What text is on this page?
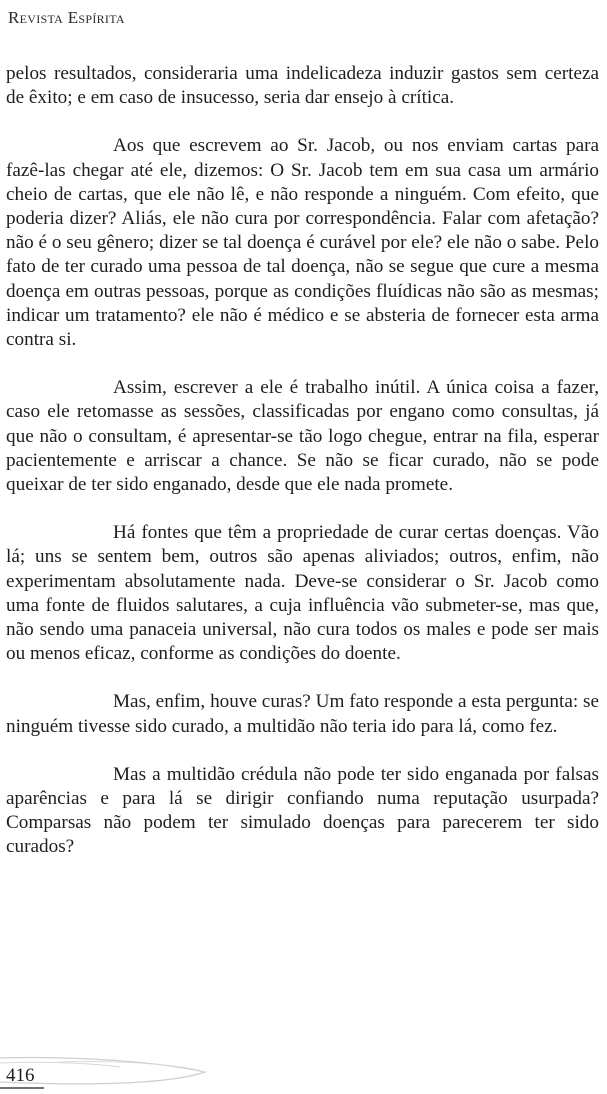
Revista Espírita

pelos resultados, consideraria uma indelicadeza induzir gastos sem certeza de êxito; e em caso de insucesso, seria dar ensejo à crítica.

Aos que escrevem ao Sr. Jacob, ou nos enviam cartas para fazê-las chegar até ele, dizemos: O Sr. Jacob tem em sua casa um armário cheio de cartas, que ele não lê, e não responde a ninguém. Com efeito, que poderia dizer? Aliás, ele não cura por correspondência. Falar com afetação? não é o seu gênero; dizer se tal doença é curável por ele? ele não o sabe. Pelo fato de ter curado uma pessoa de tal doença, não se segue que cure a mesma doença em outras pessoas, porque as condições fluídicas não são as mesmas; indicar um tratamento? ele não é médico e se absteria de fornecer esta arma contra si.

Assim, escrever a ele é trabalho inútil. A única coisa a fazer, caso ele retomasse as sessões, classificadas por engano como consultas, já que não o consultam, é apresentar-se tão logo chegue, entrar na fila, esperar pacientemente e arriscar a chance. Se não se ficar curado, não se pode queixar de ter sido enganado, desde que ele nada promete.

Há fontes que têm a propriedade de curar certas doenças. Vão lá; uns se sentem bem, outros são apenas aliviados; outros, enfim, não experimentam absolutamente nada. Deve-se considerar o Sr. Jacob como uma fonte de fluidos salutares, a cuja influência vão submeter-se, mas que, não sendo uma panaceia universal, não cura todos os males e pode ser mais ou menos eficaz, conforme as condições do doente.

Mas, enfim, houve curas? Um fato responde a esta pergunta: se ninguém tivesse sido curado, a multidão não teria ido para lá, como fez.

Mas a multidão crédula não pode ter sido enganada por falsas aparências e para lá se dirigir confiando numa reputação usurpada? Comparsas não podem ter simulado doenças para parecerem ter sido curados?

416
